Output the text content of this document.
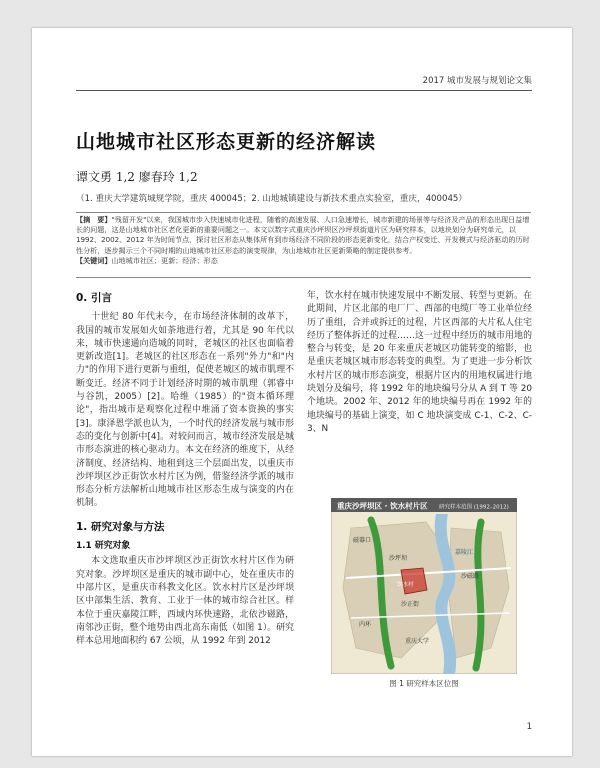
2017 城市发展与规划论文集
山地城市社区形态更新的经济解读
谭文勇 1,2 廖春玲 1,2
（1. 重庆大学建筑城规学院，重庆 400045；2. 山地城镇建设与新技术重点实验室，重庆，400045）
【摘　要】"残留开发"以来，我国城市步入快速城市化进程，随着的高速发展、人口急速增长，城市新建的场景等与经济及产品的形态出现日益增长的问题，这是山地城市社区老化更新的重要问题之一。本文以数字式重庆沙坪坝区沙坪坝街道片区为研究样本，以地块划分为研究单元，以 1992、2002、2012 年为时间节点，探讨社区形态从集体所有到市场经济不同阶段的形态更新变化，结合产权变迁、开发模式与经济驱动的历时性分析，逐步揭示三个不同时期的山地城市社区形态的演变规律，为山地城市社区更新策略的制定提供参考。
【关键词】山地城市社区；更新；经济；形态
0. 引言

十世纪 80 年代末今，在市场经济体制的改革下，我国的城市发展如火如荼地进行着，尤其是 90 年代以来，城市快速通向造城的同时，老城区的社区也面临着更新改造[1]。老城区的社区形态在一系列"外力"和"内力"的作用下进行更新与重组，促使老城区的城市肌理不断变迁。经济不同于计划经济时期的城市肌理（郭睿中与谷凯，2005）[2]。哈维（1985）的"资本循环理论"，指出城市是观察化过程中堆涌了资本资换的事实[3]。康泽恩学派也认为，一个时代的经济发展与城市形态的变化与创新中[4]。对较问而言，城市经济发展是城市形态演进的核心驱动力。本文在经济的维度下，从经济制度、经济结构、地租到这三个层面出发，以重庆市沙坪坝区沙正街饮水村片区为例，借鉴经济学派的城市形态分析方法解析山地城市社区形态生成与演变的内在机制。

1. 研究对象与方法
1.1 研究对象

本文选取重庆市沙坪坝区沙正街饮水村片区作为研究对象。沙坪坝区是重庆的城市副中心，处在重庆市的中部片区，是重庆市科教文化区。饮水村片区是沙坪坝区中部集生活、教育、工业于一体的城市综合社区。样本位于重庆嘉陵江畔，西域内环快速路，北依沙磁路，南邻沙正街，整个地势由西北高东南低（如图 1）。研究样本总用地面积约 67 公顷，从 1992 年到 2012

年，饮水村在城市快速发展中不断发展、转型与更新。在此期间，片区北部的电厂厂、西部的电缆厂等工业单位经历了重组，合并或拆迁的过程，片区西部的大片私人住宅经历了整体拆迁的过程……这一过程中经历的城市用地的整合与转变，是 20 年来重庆老城区功能转变的缩影，也是重庆老城区城市形态转变的典型。为了更进一步分析饮水村片区的城市形态演变，根据片区内的用地权属进行地块划分及编号，将 1992 年的地块编号分从 A 到 T 等 20 个地块。2002 年、2012 年的地块编号再在 1992 年的地块编号的基础上演变，如 C 地块演变成 C-1、C-2、C-3、N

重庆沙坪坝区 · 饮水村片区 研究样本范围 (1992–2012)
沙坪坝
嘉陵江
沙正街
饮水村
沙磁路
内环
重庆大学
磁器口
图 1 研究样本区位图
1
